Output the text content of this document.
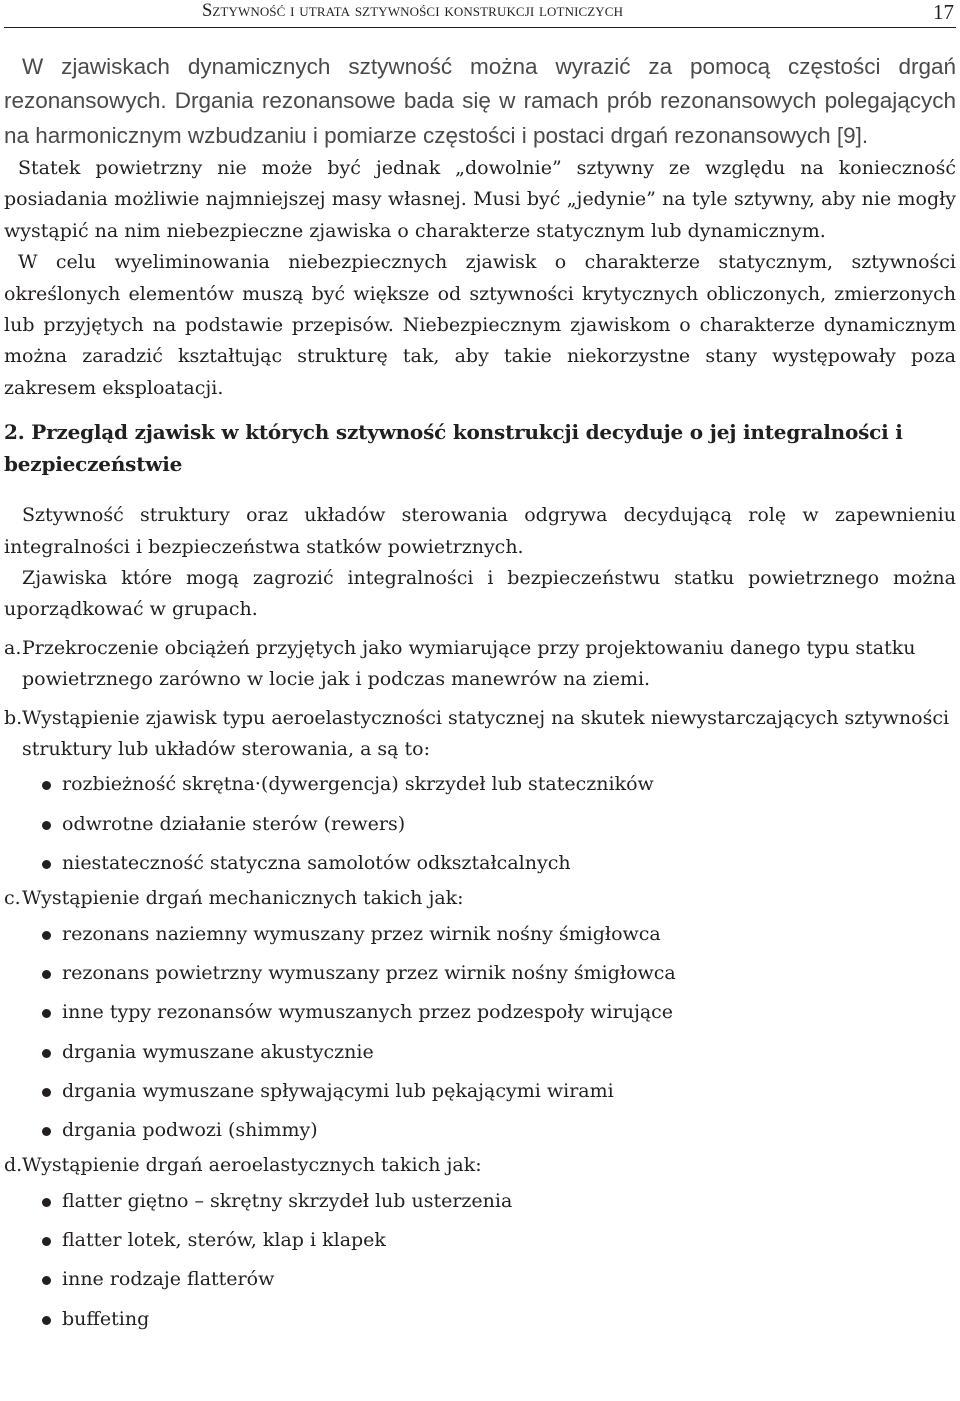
Sztywność i utrata sztywności konstrukcji lotniczych	17

W zjawiskach dynamicznych sztywność można wyrazić za pomocą częstości drgań rezonansowych. Drgania rezonansowe bada się w ramach prób rezonansowych polegających na harmonicznym wzbudzaniu i pomiarze częstości i postaci drgań rezonansowych [9].

Statek powietrzny nie może być jednak „dowolnie” sztywny ze względu na konieczność posiadania możliwie najmniejszej masy własnej. Musi być „jedynie” na tyle sztywny, aby nie mogły wystąpić na nim niebezpieczne zjawiska o charakterze statycznym lub dynamicznym.

W celu wyeliminowania niebezpiecznych zjawisk o charakterze statycznym, sztywności określonych elementów muszą być większe od sztywności krytycznych obliczonych, zmierzonych lub przyjętych na podstawie przepisów. Niebezpiecznym zjawiskom o charakterze dynamicznym można zaradzić kształtując strukturę tak, aby takie niekorzystne stany występowały poza zakresem eksploatacji.

2. Przegląd zjawisk w których sztywność konstrukcji decyduje o jej integralności i bezpieczeństwie

Sztywność struktury oraz układów sterowania odgrywa decydującą rolę w zapewnieniu integralności i bezpieczeństwa statków powietrznych.

Zjawiska które mogą zagrozić integralności i bezpieczeństwu statku powietrznego można uporządkować w grupach.

a.Przekroczenie obciążeń przyjętych jako wymiarujące przy projektowaniu danego typu statku powietrznego zarówno w locie jak i podczas manewrów na ziemi.

b.Wystąpienie zjawisk typu aeroelastyczności statycznej na skutek niewystarczających sztywności struktury lub układów sterowania, a są to:

rozbieżność skrętna·(dywergencja) skrzydeł lub stateczników
odwrotne działanie sterów (rewers)
niestateczność statyczna samolotów odkształcalnych

c.Wystąpienie drgań mechanicznych takich jak:

rezonans naziemny wymuszany przez wirnik nośny śmigłowca
rezonans powietrzny wymuszany przez wirnik nośny śmigłowca
inne typy rezonansów wymuszanych przez podzespoły wirujące
drgania wymuszane akustycznie
drgania wymuszane spływającymi lub pękającymi wirami
drgania podwozi (shimmy)

d.Wystąpienie drgań aeroelastycznych takich jak:

flatter giętno – skrętny skrzydeł lub usterzenia
flatter lotek, sterów, klap i klapek
inne rodzaje flatterów
buffeting
